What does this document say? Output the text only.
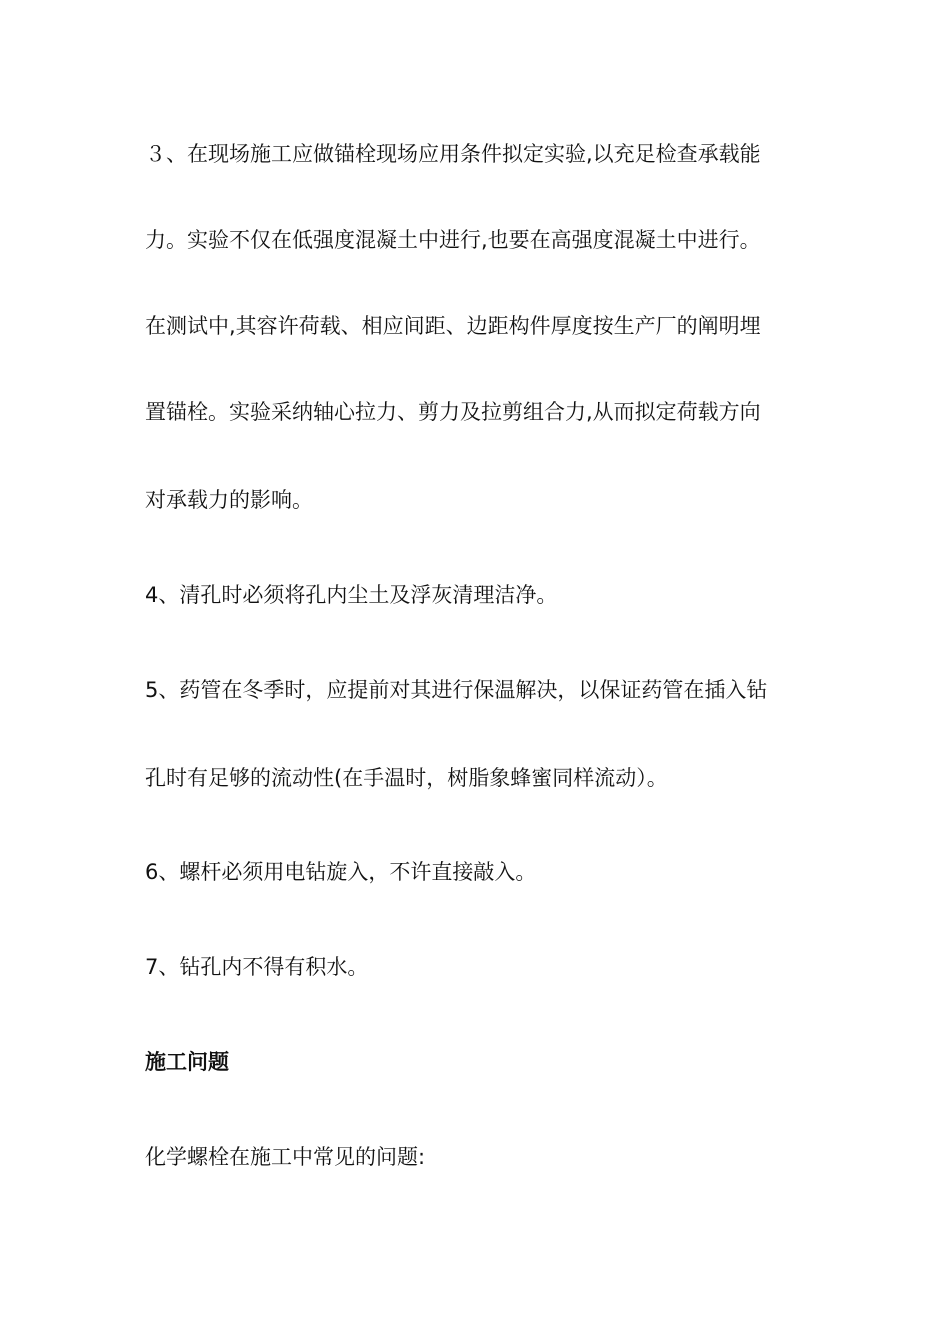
３、在现场施工应做锚栓现场应用条件拟定实验,以充足检查承载能
力。实验不仅在低强度混凝土中进行,也要在高强度混凝土中进行。
在测试中,其容许荷载、相应间距、边距构件厚度按生产厂的阐明埋
置锚栓。实验采纳轴心拉力、剪力及拉剪组合力,从而拟定荷载方向
对承载力的影响。
4、清孔时必须将孔内尘土及浮灰清理洁净。
5、药管在冬季时，应提前对其进行保温解决，以保证药管在插入钻
孔时有足够的流动性(在手温时，树脂象蜂蜜同样流动）。
6、螺杆必须用电钻旋入，不许直接敲入。
7、钻孔内不得有积水。
施工问题
化学螺栓在施工中常见的问题:
